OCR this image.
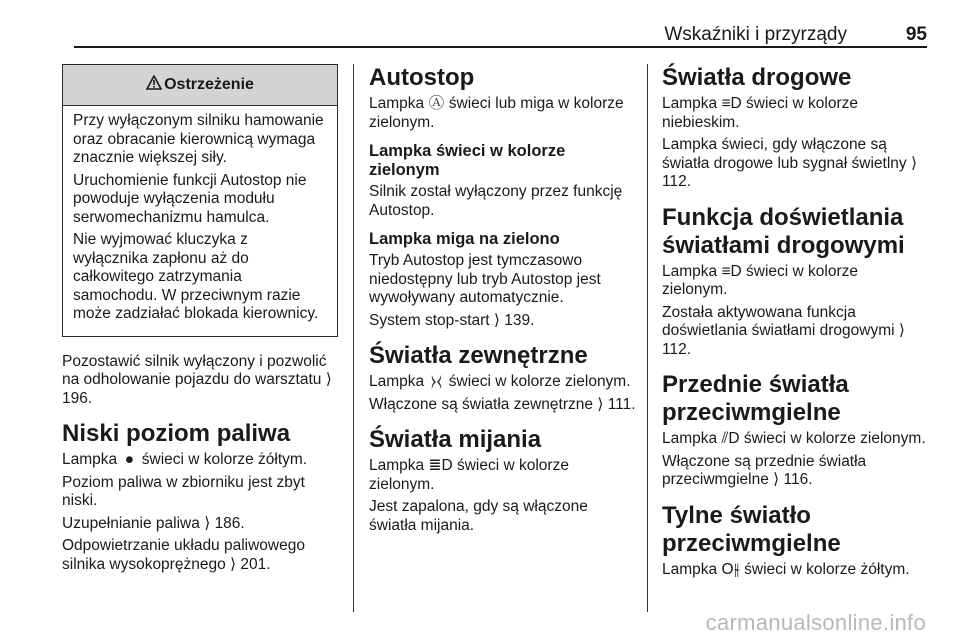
Wskaźniki i przyrządy	95
Ostrzeżenie

Przy wyłączonym silniku hamowanie oraz obracanie kierownicą wymaga znacznie większej siły.

Uruchomienie funkcji Autostop nie powoduje wyłączenia modułu serwomechanizmu hamulca.

Nie wyjmować kluczyka z wyłącznika zapłonu aż do całkowitego zatrzymania samochodu. W przeciwnym razie może zadziałać blokada kierownicy.

Pozostawić silnik wyłączony i pozwolić na odholowanie pojazdu do warsztatu ⟩ 196.

Niski poziom paliwa

Lampka ● świeci w kolorze żółtym.

Poziom paliwa w zbiorniku jest zbyt niski.

Uzupełnianie paliwa ⟩ 186.

Odpowietrzanie układu paliwowego silnika wysokoprężnego ⟩ 201.

Autostop

Lampka Ⓐ świeci lub miga w kolorze zielonym.

Lampka świeci w kolorze zielonym

Silnik został wyłączony przez funkcję Autostop.

Lampka miga na zielono

Tryb Autostop jest tymczasowo niedostępny lub tryb Autostop jest wywoływany automatycznie.

System stop-start ⟩ 139.

Światła zewnętrzne

Lampka ⧽⧼ świeci w kolorze zielonym.

Włączone są światła zewnętrzne ⟩ 111.

Światła mijania

Lampka ≣D świeci w kolorze zielonym.

Jest zapalona, gdy są włączone światła mijania.

Światła drogowe

Lampka ≡D świeci w kolorze niebieskim.

Lampka świeci, gdy włączone są światła drogowe lub sygnał świetlny ⟩ 112.

Funkcja doświetlania światłami drogowymi

Lampka ≡D świeci w kolorze zielonym.

Została aktywowana funkcja doświetlania światłami drogowymi ⟩ 112.

Przednie światła przeciwmgielne

Lampka ⫽D świeci w kolorze zielonym.

Włączone są przednie światła przeciwmgielne ⟩ 116.

Tylne światło przeciwmgielne

Lampka O⫳ świeci w kolorze żółtym.

carmanualsonline.info
